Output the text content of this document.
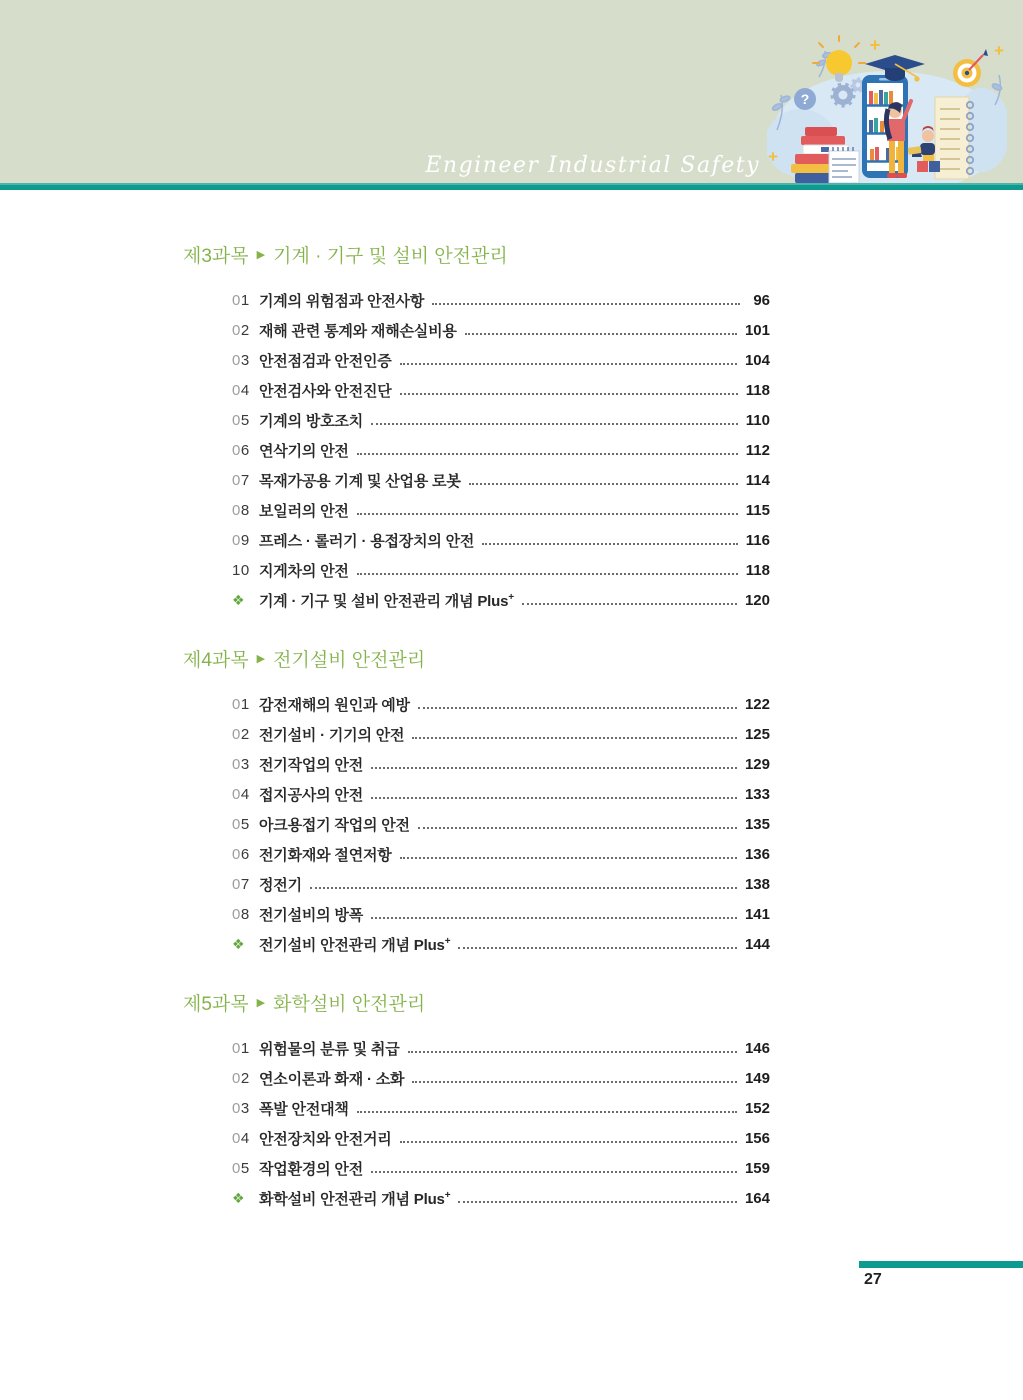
Engineer Industrial Safety
?
제3과목 ▶ 기계 · 기구 및 설비 안전관리
01 기계의 위험점과 안전사항	96
02 재해 관련 통계와 재해손실비용	101
03 안전점검과 안전인증	104
04 안전검사와 안전진단	118
05 기계의 방호조치	110
06 연삭기의 안전	112
07 목재가공용 기계 및 산업용 로봇	114
08 보일러의 안전	115
09 프레스 · 롤러기 · 용접장치의 안전	116
10 지게차의 안전	118
❖ 기계 · 기구 및 설비 안전관리 개념 Plus+	120
제4과목 ▶ 전기설비 안전관리
01 감전재해의 원인과 예방	122
02 전기설비 · 기기의 안전	125
03 전기작업의 안전	129
04 접지공사의 안전	133
05 아크용접기 작업의 안전	135
06 전기화재와 절연저항	136
07 정전기	138
08 전기설비의 방폭	141
❖ 전기설비 안전관리 개념 Plus+	144
제5과목 ▶ 화학설비 안전관리
01 위험물의 분류 및 취급	146
02 연소이론과 화재 · 소화	149
03 폭발 안전대책	152
04 안전장치와 안전거리	156
05 작업환경의 안전	159
❖ 화학설비 안전관리 개념 Plus+	164
27
